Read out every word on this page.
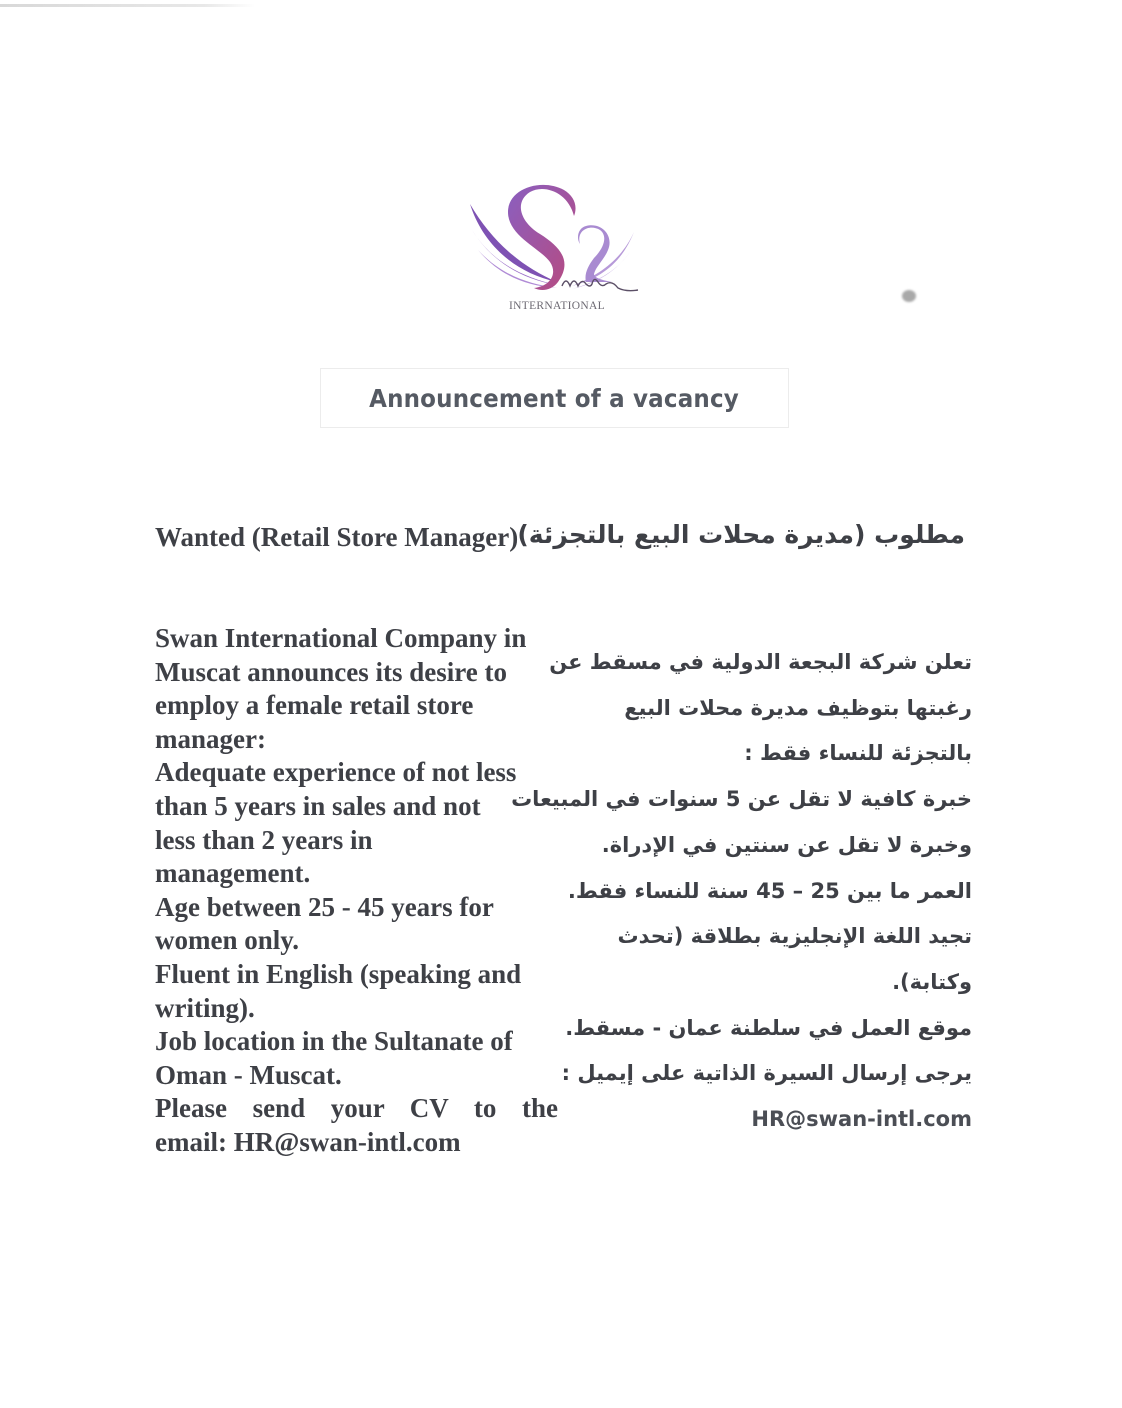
INTERNATIONAL
Announcement of a vacancy
Wanted (Retail Store Manager) مطلوب (مديرة محلات البيع بالتجزئة)

Swan International Company in

Muscat announces its desire to

employ a female retail store

manager:

Adequate experience of not less

than 5 years in sales and not

less than 2 years in

management.

Age between 25 - 45 years for

women only.

Fluent in English (speaking and

writing).

Job location in the Sultanate of

Oman - Muscat.

Please send your CV to the

email: HR@swan-intl.com

تعلن شركة البجعة الدولية في مسقط عن

رغبتها بتوظيف مديرة محلات البيع

بالتجزئة للنساء فقط :

خبرة كافية لا تقل عن 5 سنوات في المبيعات

وخبرة لا تقل عن سنتين في الإدراة.

العمر ما بين 25 – 45 سنة للنساء فقط.

تجيد اللغة الإنجليزية بطلاقة (تحدث

وكتابة).

موقع العمل في سلطنة عمان - مسقط.

يرجى إرسال السيرة الذاتية على إيميل :

HR@swan-intl.com
